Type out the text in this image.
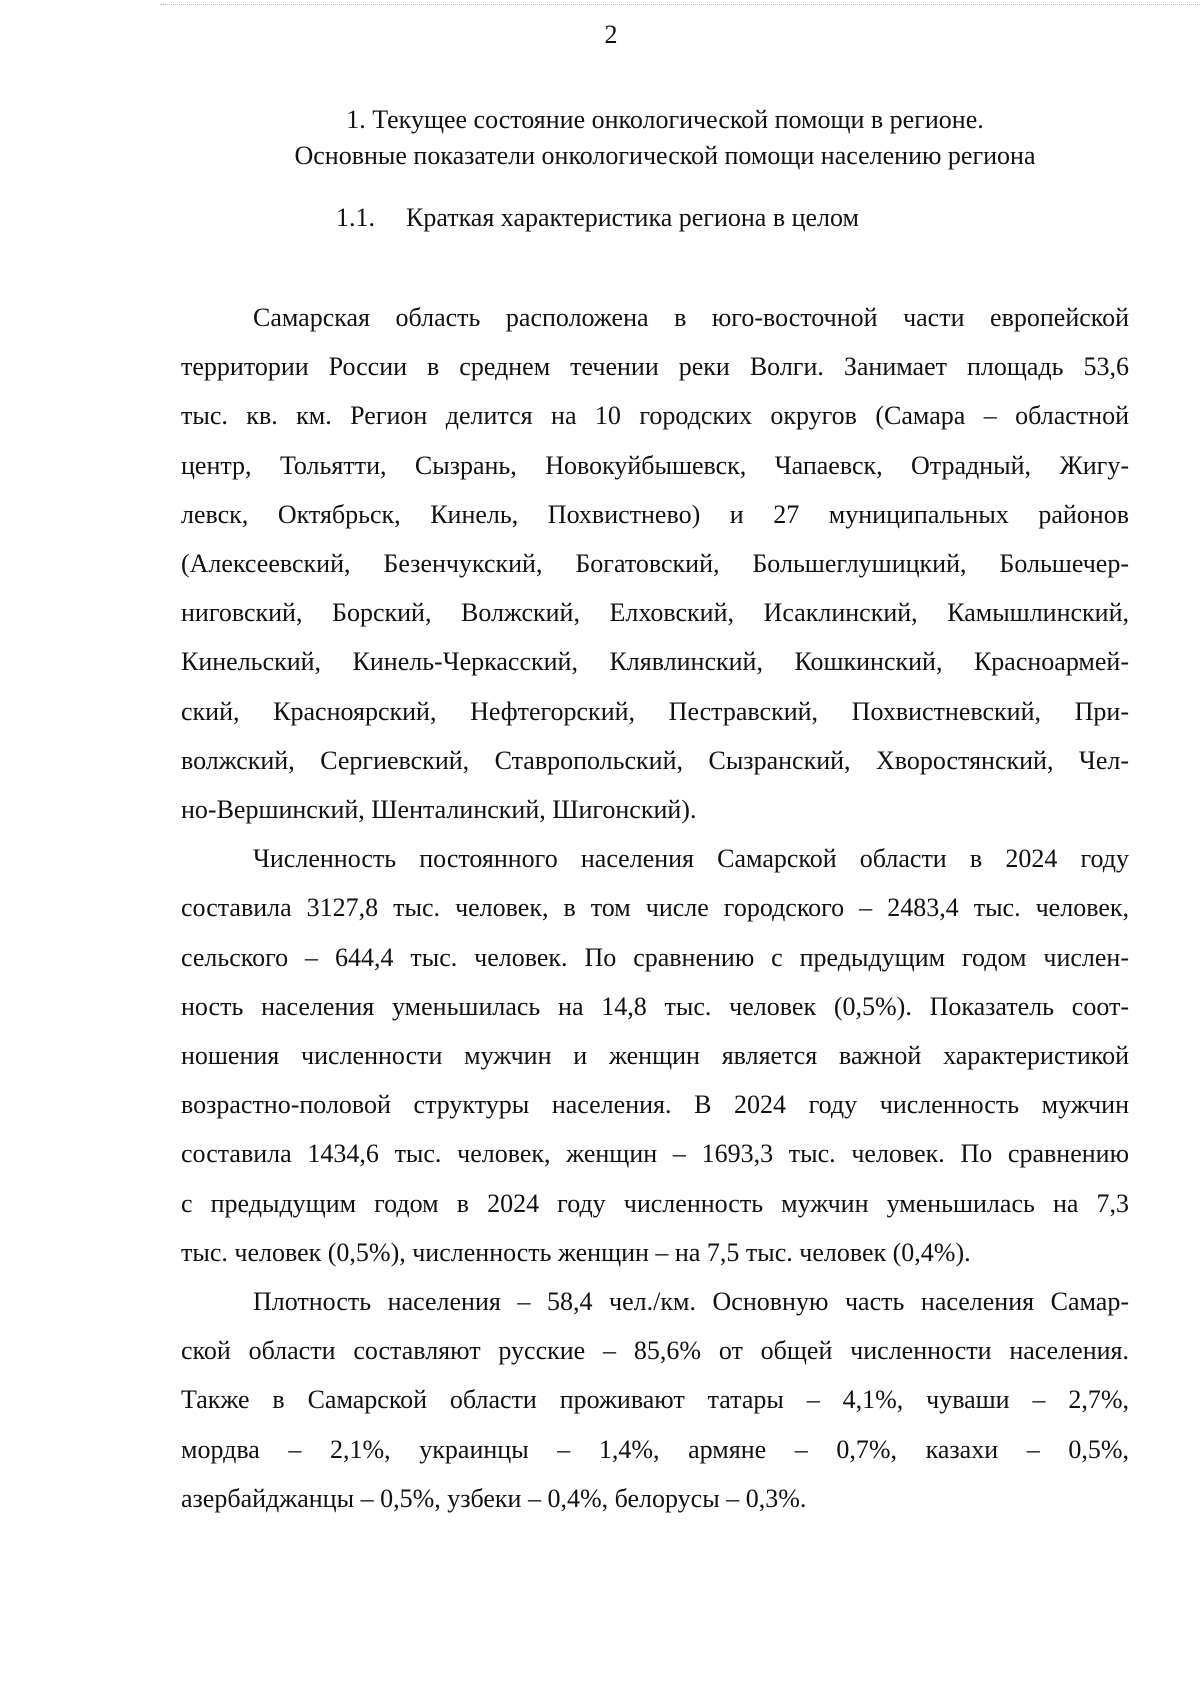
2
1. Текущее состояние онкологической помощи в регионе.
Основные показатели онкологической помощи населению региона
1.1. Краткая характеристика региона в целом

Самарская область расположена в юго-восточной части европейской
территории России в среднем течении реки Волги. Занимает площадь 53,6
тыс. кв. км. Регион делится на 10 городских округов (Самара – областной
центр, Тольятти, Сызрань, Новокуйбышевск, Чапаевск, Отрадный, Жигу-
левск, Октябрьск, Кинель, Похвистнево) и 27 муниципальных районов
(Алексеевский, Безенчукский, Богатовский, Большеглушицкий, Большечер-
ниговский, Борский, Волжский, Елховский, Исаклинский, Камышлинский,
Кинельский, Кинель-Черкасский, Клявлинский, Кошкинский, Красноармей-
ский, Красноярский, Нефтегорский, Пестравский, Похвистневский, При-
волжский, Сергиевский, Ставропольский, Сызранский, Хворостянский, Чел-
но-Вершинский, Шенталинский, Шигонский).

Численность постоянного населения Самарской области в 2024 году
составила 3127,8 тыс. человек, в том числе городского – 2483,4 тыс. человек,
сельского – 644,4 тыс. человек. По сравнению с предыдущим годом числен-
ность населения уменьшилась на 14,8 тыс. человек (0,5%). Показатель соот-
ношения численности мужчин и женщин является важной характеристикой
возрастно-половой структуры населения. В 2024 году численность мужчин
составила 1434,6 тыс. человек, женщин – 1693,3 тыс. человек. По сравнению
с предыдущим годом в 2024 году численность мужчин уменьшилась на 7,3
тыс. человек (0,5%), численность женщин – на 7,5 тыс. человек (0,4%).

Плотность населения – 58,4 чел./км. Основную часть населения Самар-
ской области составляют русские – 85,6% от общей численности населения.
Также в Самарской области проживают татары – 4,1%, чуваши – 2,7%,
мордва – 2,1%, украинцы – 1,4%, армяне – 0,7%, казахи – 0,5%,
азербайджанцы – 0,5%, узбеки – 0,4%, белорусы – 0,3%.
